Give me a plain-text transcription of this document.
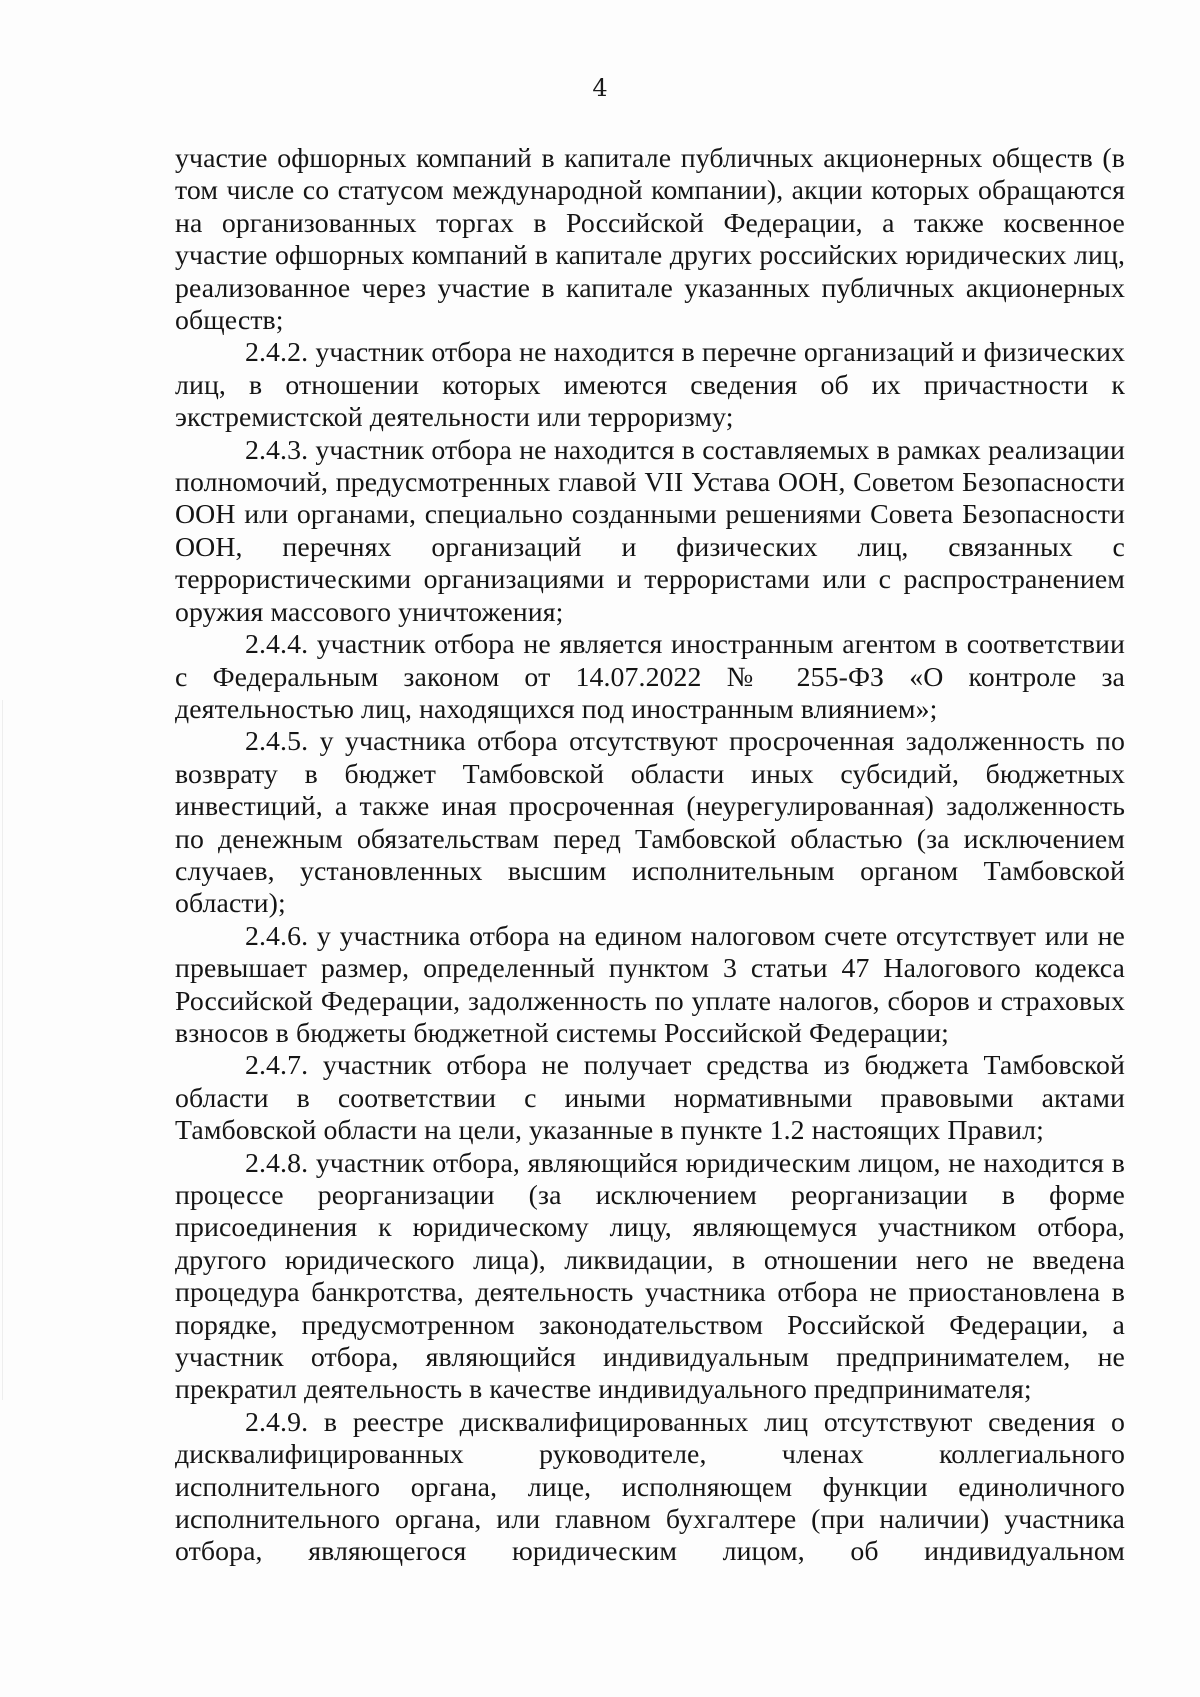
4

участие офшорных компаний в капитале публичных акционерных обществ (в том числе со статусом международной компании), акции которых обращаются на организованных торгах в Российской Федерации, а также косвенное участие офшорных компаний в капитале других российских юридических лиц, реализованное через участие в капитале указанных публичных акционерных обществ;

2.4.2. участник отбора не находится в перечне организаций и физических лиц, в отношении которых имеются сведения об их причастности к экстремистской деятельности или терроризму;

2.4.3. участник отбора не находится в составляемых в рамках реализации полномочий, предусмотренных главой VII Устава ООН, Советом Безопасности ООН или органами, специально созданными решениями Совета Безопасности ООН, перечнях организаций и физических лиц, связанных с террористическими организациями и террористами или с распространением оружия массового уничтожения;

2.4.4. участник отбора не является иностранным агентом в соответствии с Федеральным законом от 14.07.2022 № 255-ФЗ «О контроле за деятельностью лиц, находящихся под иностранным влиянием»;

2.4.5. у участника отбора отсутствуют просроченная задолженность по возврату в бюджет Тамбовской области иных субсидий, бюджетных инвестиций, а также иная просроченная (неурегулированная) задолженность по денежным обязательствам перед Тамбовской областью (за исключением случаев, установленных высшим исполнительным органом Тамбовской области);

2.4.6. у участника отбора на едином налоговом счете отсутствует или не превышает размер, определенный пунктом 3 статьи 47 Налогового кодекса Российской Федерации, задолженность по уплате налогов, сборов и страховых взносов в бюджеты бюджетной системы Российской Федерации;

2.4.7. участник отбора не получает средства из бюджета Тамбовской области в соответствии с иными нормативными правовыми актами Тамбовской области на цели, указанные в пункте 1.2 настоящих Правил;

2.4.8. участник отбора, являющийся юридическим лицом, не находится в процессе реорганизации (за исключением реорганизации в форме присоединения к юридическому лицу, являющемуся участником отбора, другого юридического лица), ликвидации, в отношении него не введена процедура банкротства, деятельность участника отбора не приостановлена в порядке, предусмотренном законодательством Российской Федерации, а участник отбора, являющийся индивидуальным предпринимателем, не прекратил деятельность в качестве индивидуального предпринимателя;

2.4.9. в реестре дисквалифицированных лиц отсутствуют сведения о дисквалифицированных руководителе, членах коллегиального исполнительного органа, лице, исполняющем функции единоличного исполнительного органа, или главном бухгалтере (при наличии) участника отбора, являющегося юридическим лицом, об индивидуальном
